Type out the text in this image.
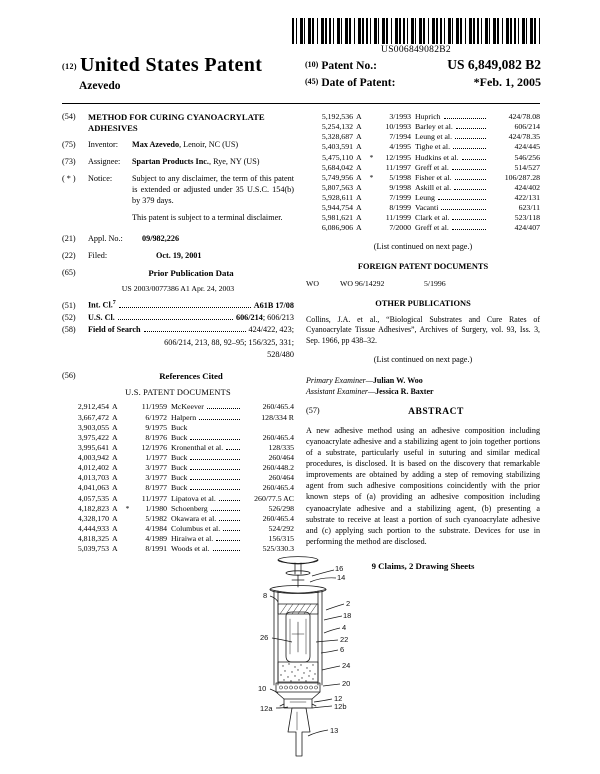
US006849082B2
(12) United States Patent
Azevedo
(10) Patent No.:	US 6,849,082 B2
(45) Date of Patent:	*Feb. 1, 2005
(54)	METHOD FOR CURING CYANOACRYLATE ADHESIVES
(75)	Inventor:	Max Azevedo, Lenoir, NC (US)
(73)	Assignee:	Spartan Products Inc., Rye, NY (US)
( * )	Notice:	Subject to any disclaimer, the term of this patent is extended or adjusted under 35 U.S.C. 154(b) by 379 days.

This patent is subject to a terminal disclaimer.

(21)	Appl. No.:	09/982,226
(22)	Filed:	Oct. 19, 2001
(65)	Prior Publication Data
US 2003/0077386 A1 Apr. 24, 2003
(51)	Int. Cl.$^7$	A61B 17/08
(52)	U.S. Cl.	606/214; 606/213
(58)	Field of Search	424/422, 423;
606/214, 213, 88, 92–95; 156/325, 331;
528/480
(56)	References Cited
U.S. PATENT DOCUMENTS
2,912,454	A		11/1959	McKeever	260/465.4
3,667,472	A		6/1972	Halpern	128/334 R
3,903,055	A		9/1975	Buck	

3,975,422	A		8/1976	Buck	260/465.4
3,995,641	A		12/1976	Kronenthal et al.	128/335
4,003,942	A		1/1977	Buck	260/464
4,012,402	A		3/1977	Buck	260/448.2
4,013,703	A		3/1977	Buck	260/464
4,041,063	A		8/1977	Buck	260/465.4
4,057,535	A		11/1977	Lipatova et al.	260/77.5 AC
4,182,823	A	*	1/1980	Schoenberg	526/298
4,328,170	A		5/1982	Okawara et al.	260/465.4
4,444,933	A		4/1984	Columbus et al.	524/292
4,818,325	A		4/1989	Hiraiwa et al.	156/315
5,039,753	A		8/1991	Woods et al.	525/330.3
5,192,536	A		3/1993	Huprich	424/78.08
5,254,132	A		10/1993	Barley et al.	606/214
5,328,687	A		7/1994	Leung et al.	424/78.35
5,403,591	A		4/1995	Tighe et al.	424/445
5,475,110	A	*	12/1995	Hudkins et al.	546/256
5,684,042	A		11/1997	Greff et al.	514/527
5,749,956	A	*	5/1998	Fisher et al.	106/287.28
5,807,563	A		9/1998	Askill et al.	424/402
5,928,611	A		7/1999	Leung	422/131
5,944,754	A		8/1999	Vacanti	623/11
5,981,621	A		11/1999	Clark et al.	523/118
6,086,906	A		7/2000	Greff et al.	424/407
(List continued on next page.)
FOREIGN PATENT DOCUMENTS
WO	WO 96/14292	5/1996
OTHER PUBLICATIONS
Collins, J.A. et al., “Biological Substrates and Cure Rates of Cyanoacrylate Tissue Adhesives”, Archives of Surgery, vol. 93, Iss. 3, Sep. 1966, pp 438–32.
(List continued on next page.)
Primary Examiner—Julian W. Woo
Assistant Examiner—Jessica R. Baxter
(57)	ABSTRACT
A new adhesive method using an adhesive composition including cyanoacrylate adhesive and a stabilizing agent to join together portions of a substrate, particularly useful in suturing and similar medical procedures, is disclosed. It is based on the discovery that remarkable improvements are obtained by adding a step of removing stabilizing agent from such adhesive compositions coincidently with the prior known steps of (a) providing an adhesive composition including cyanoacrylate adhesive and a stabilizing agent, (b) presenting a substrate to receive at least a portion of such cyanoacrylate adhesive and (c) applying such portion to the substrate. Devices for use in performing the method are disclosed.
9 Claims, 2 Drawing Sheets
16
14
8
2
18
4
26	22
6
24
20
10
12
12a	12b
13
